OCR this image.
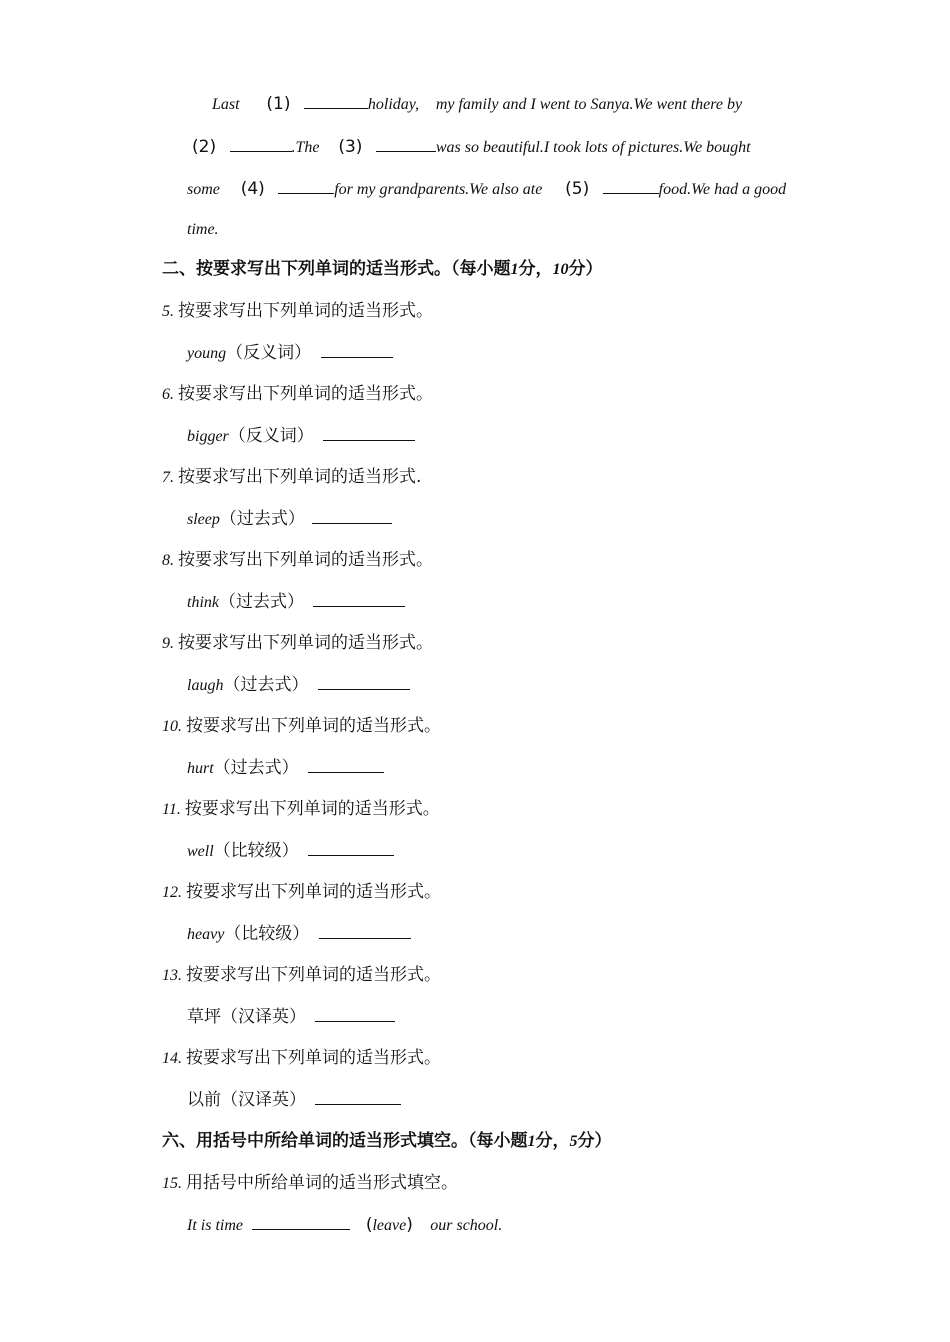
Last (1)	holiday, my family and I went to Sanya.We went there by
(2)	.The (3)	was so beautiful.I took lots of pictures.We bought
some (4)	for my grandparents.We also ate (5)	food.We had a good
time.
二、按要求写出下列单词的适当形式。（每小题1分，10分）
5. 按要求写出下列单词的适当形式。
young（反义词）
6. 按要求写出下列单词的适当形式。
bigger（反义词）
7. 按要求写出下列单词的适当形式.
sleep（过去式）
8. 按要求写出下列单词的适当形式。
think（过去式）
9. 按要求写出下列单词的适当形式。
laugh（过去式）
10. 按要求写出下列单词的适当形式。
hurt（过去式）
11. 按要求写出下列单词的适当形式。
well（比较级）
12. 按要求写出下列单词的适当形式。
heavy（比较级）
13. 按要求写出下列单词的适当形式。
草坪（汉译英）
14. 按要求写出下列单词的适当形式。
以前（汉译英）
六、用括号中所给单词的适当形式填空。（每小题1分，5分）
15. 用括号中所给单词的适当形式填空。
It is time	(leave) our school.
